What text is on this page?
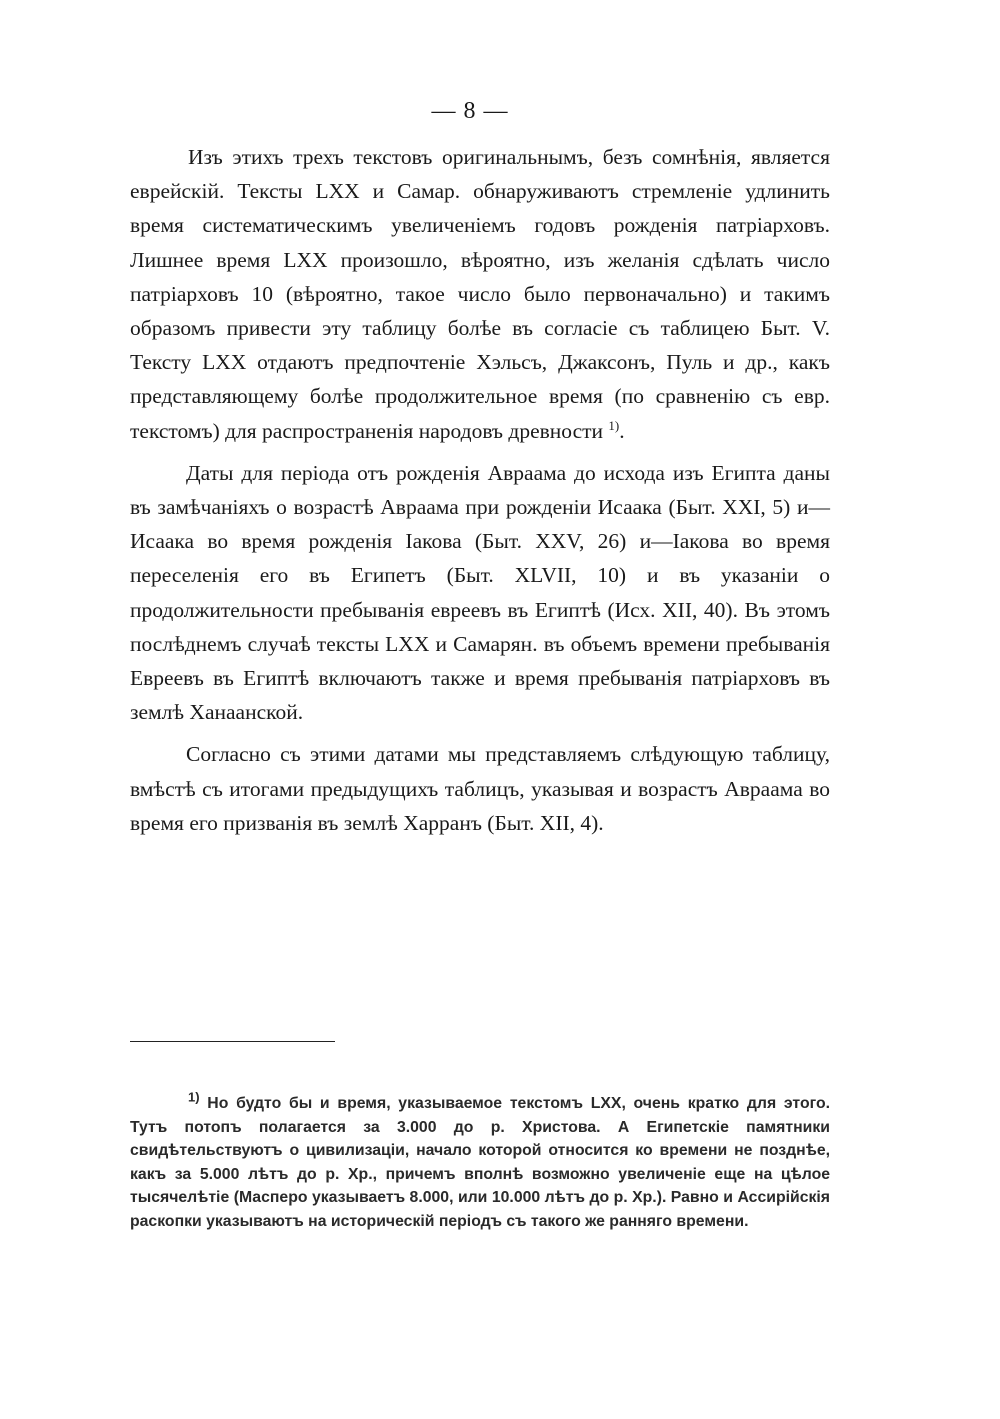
— 8 —

Изъ этихъ трехъ текстовъ оригинальнымъ, безъ сомнѣнія, является еврейскій. Тексты LXX и Самар. обнаруживаютъ стремленіе удлинить время систематическимъ увеличеніемъ годовъ рожденія патріарховъ. Лишнее время LXX произошло, вѣроятно, изъ желанія сдѣлать число патріарховъ 10 (вѣроятно, такое число было первоначально) и такимъ образомъ привести эту таблицу болѣе въ согласіе съ таблицею Быт. V. Тексту LXX отдаютъ предпочтеніе Хэльсъ, Джаксонъ, Пуль и др., какъ представляющему болѣе продолжительное время (по сравненію съ евр. текстомъ) для распространенія народовъ древности $^{1)}$.

Даты для періода отъ рожденія Авраама до исхода изъ Египта даны въ замѣчаніяхъ о возрастѣ Авраама при рожденіи Исаака (Быт. XXI, 5) и—Исаака во время рожденія Іакова (Быт. XXV, 26) и—Іакова во время переселенія его въ Египетъ (Быт. XLVII, 10) и въ указаніи о продолжительности пребыванія евреевъ въ Египтѣ (Исх. XII, 40). Въ этомъ послѣднемъ случаѣ тексты LXX и Самарян. въ объемъ времени пребыванія Евреевъ въ Египтѣ включаютъ также и время пребыванія патріарховъ въ землѣ Ханаанской.

Согласно съ этими датами мы представляемъ слѣдующую таблицу, вмѣстѣ съ итогами предыдущихъ таблицъ, указывая и возрастъ Авраама во время его призванія въ землѣ Харранъ (Быт. XII, 4).

$^{1)}$ Но будто бы и время, указываемое текстомъ LXX, очень кратко для этого. Тутъ потопъ полагается за 3.000 до р. Христова. А Египетскіе памятники свидѣтельствуютъ о цивилизаціи, начало которой относится ко времени не позднѣе, какъ за 5.000 лѣтъ до р. Хр., причемъ вполнѣ возможно увеличеніе еще на цѣлое тысячелѣтіе (Масперо указываетъ 8.000, или 10.000 лѣтъ до р. Хр.). Равно и Ассирійскія раскопки указываютъ на историческій періодъ съ такого же ранняго времени.
